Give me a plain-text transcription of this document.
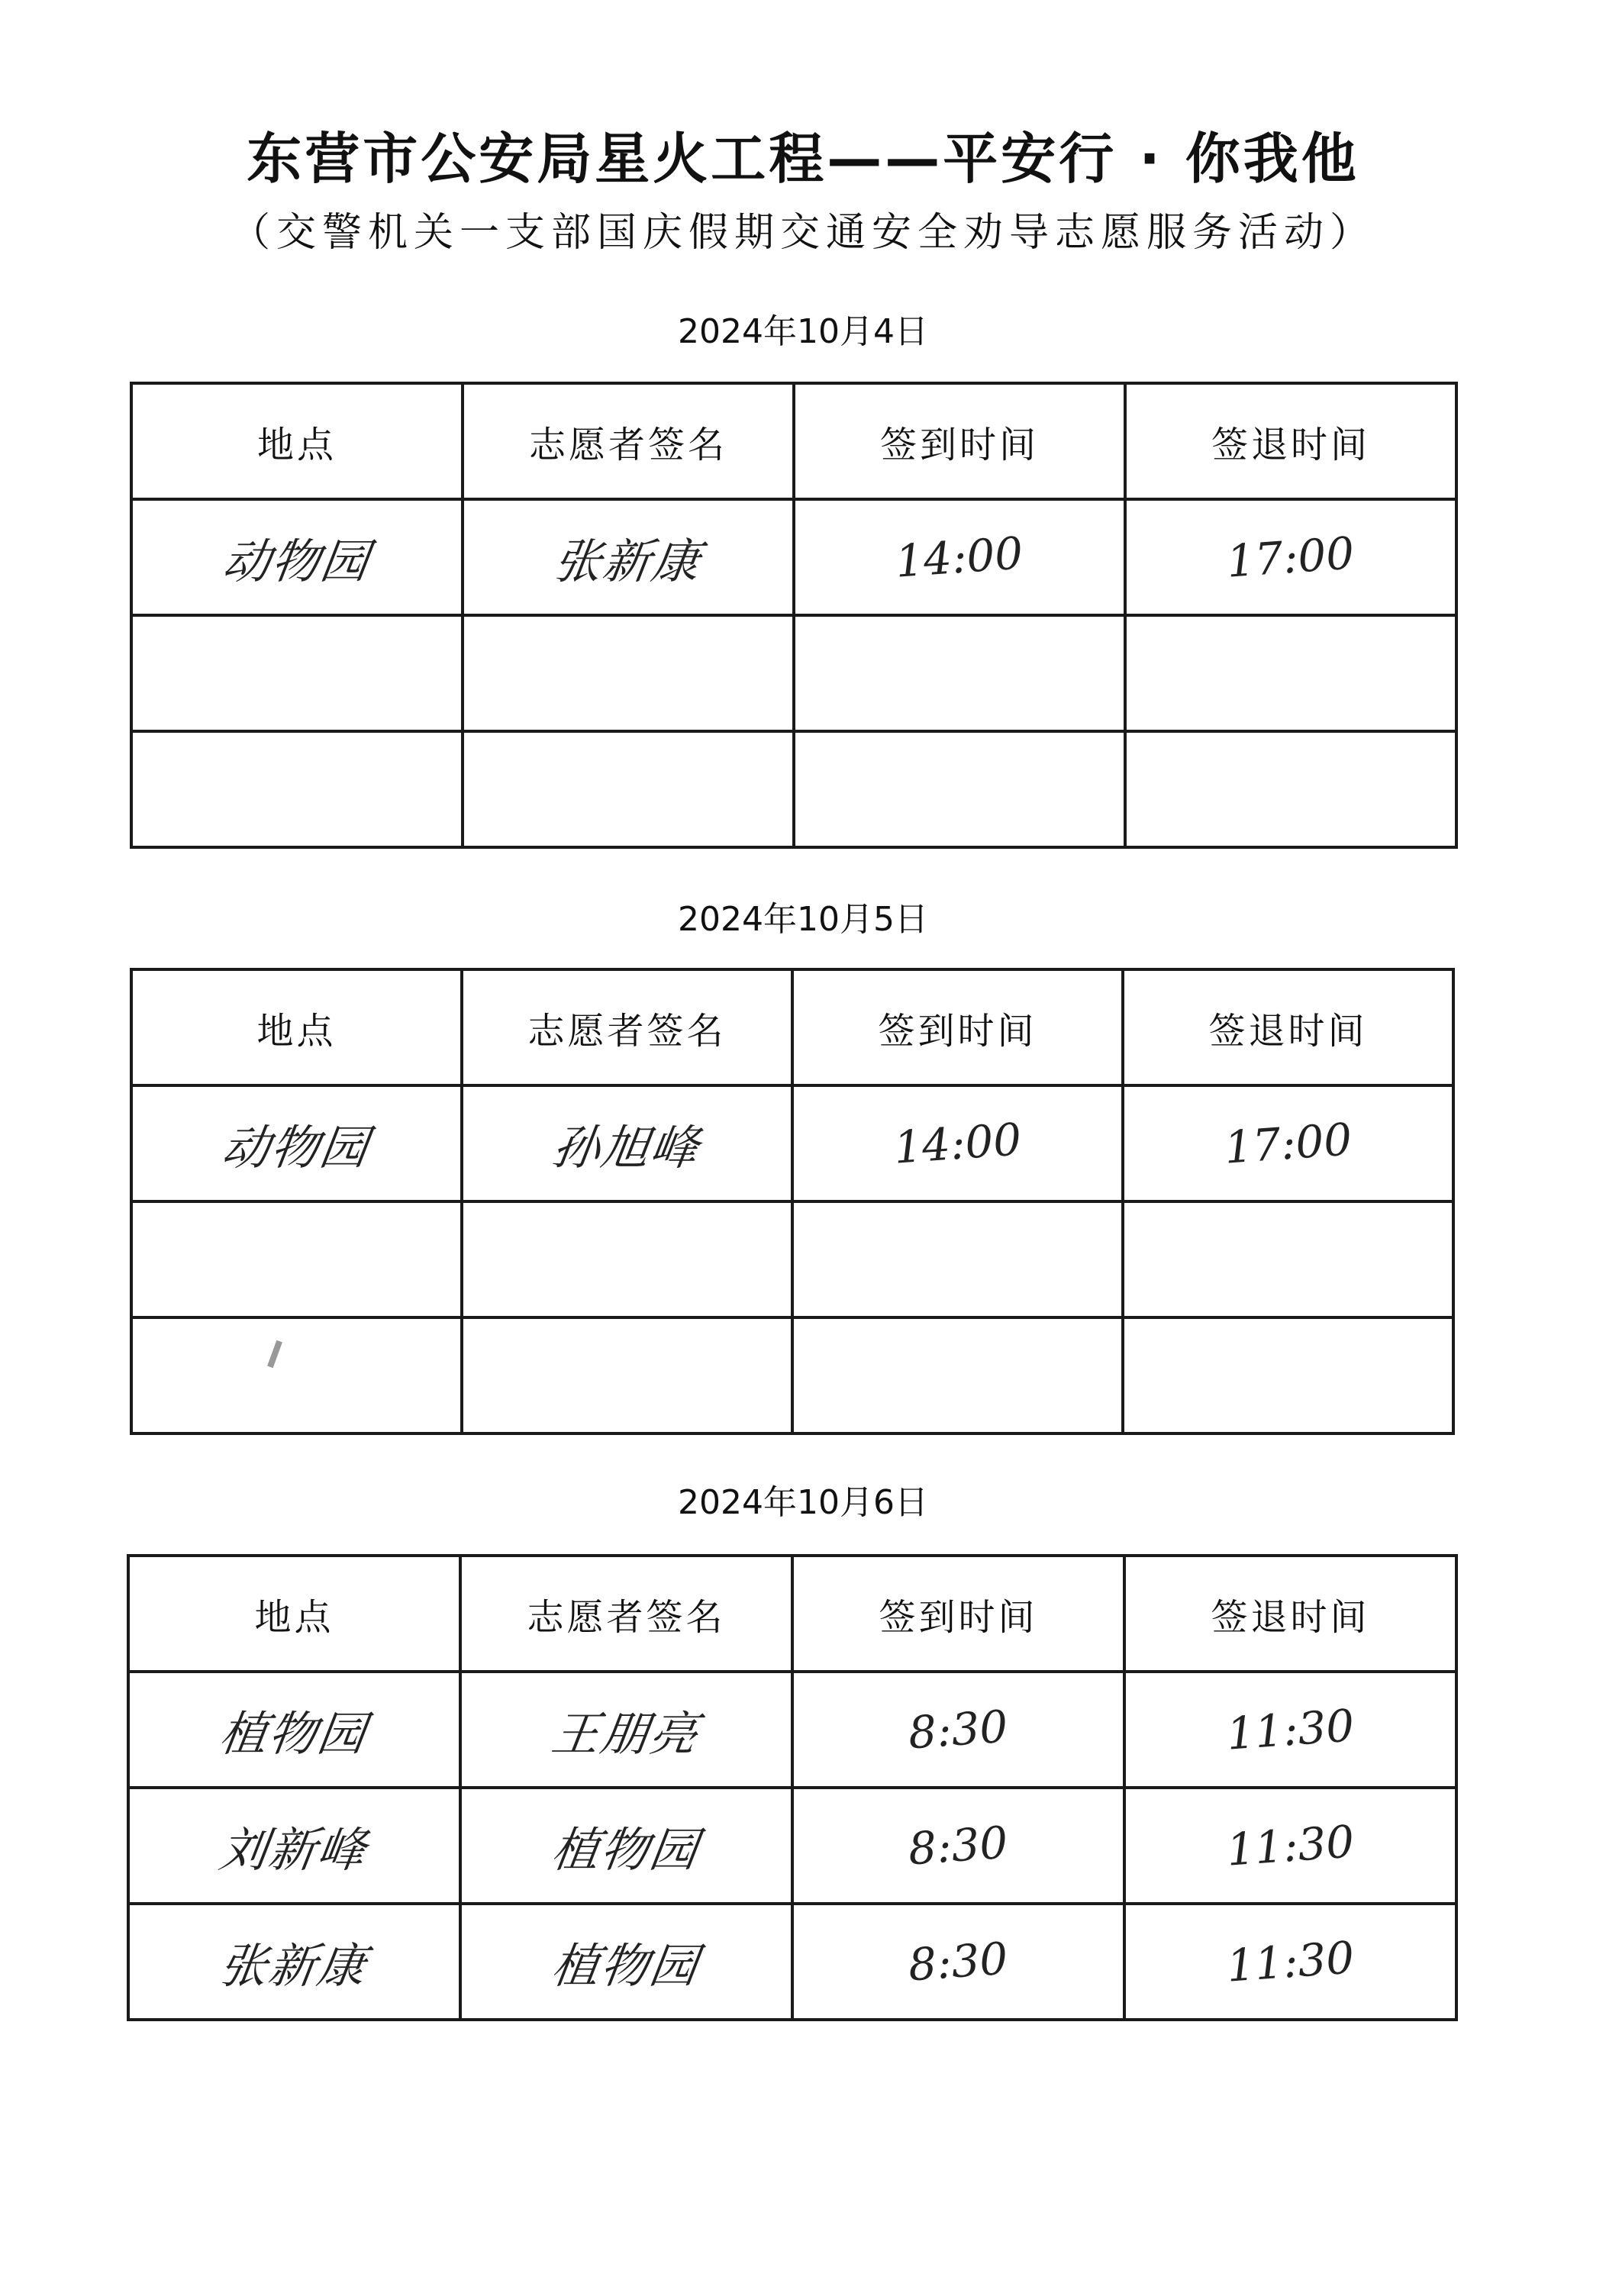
东营市公安局星火工程——平安行 · 你我他
（交警机关一支部国庆假期交通安全劝导志愿服务活动）
2024年10月4日
地点	志愿者签名	签到时间	签退时间
动物园	张新康	14:00	17:00

2024年10月5日
地点	志愿者签名	签到时间	签退时间
动物园	孙旭峰	14:00	17:00

2024年10月6日
地点	志愿者签名	签到时间	签退时间
植物园	王朋亮	8:30	11:30
刘新峰	植物园	8:30	11:30
张新康	植物园	8:30	11:30
